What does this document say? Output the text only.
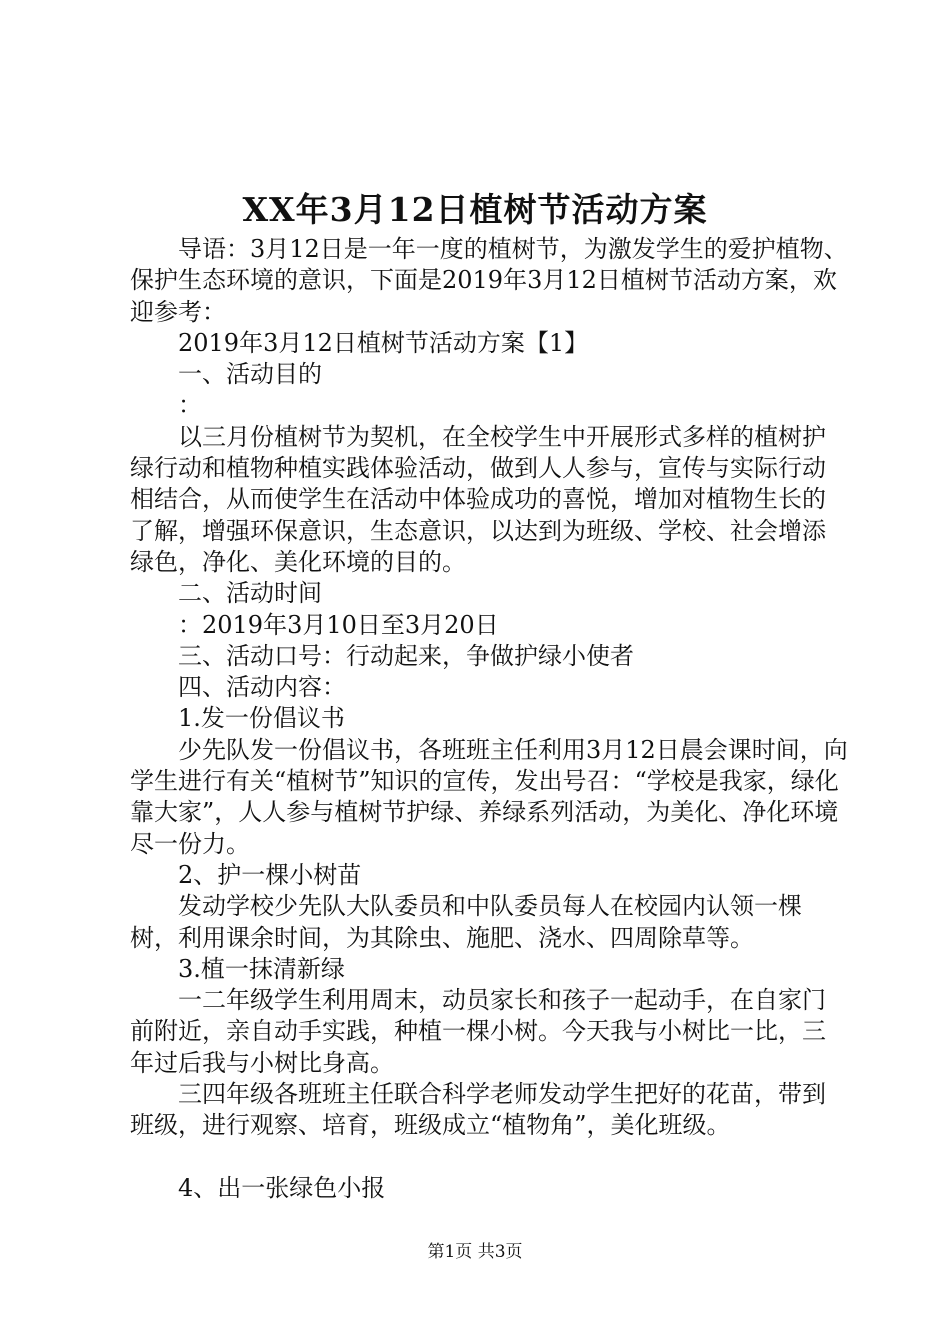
XX年3月12日植树节活动方案

导语：3月12日是一年一度的植树节，为激发学生的爱护植物、保护生态环境的意识，下面是2019年3月12日植树节活动方案，欢迎参考：

2019年3月12日植树节活动方案【1】

一、活动目的

：

以三月份植树节为契机，在全校学生中开展形式多样的植树护绿行动和植物种植实践体验活动，做到人人参与，宣传与实际行动相结合，从而使学生在活动中体验成功的喜悦，增加对植物生长的了解，增强环保意识，生态意识，以达到为班级、学校、社会增添绿色，净化、美化环境的目的。

二、活动时间

：2019年3月10日至3月20日

三、活动口号：行动起来，争做护绿小使者

四、活动内容：

1.发一份倡议书

少先队发一份倡议书，各班班主任利用3月12日晨会课时间，向学生进行有关“植树节”知识的宣传，发出号召：“学校是我家，绿化靠大家”，人人参与植树节护绿、养绿系列活动，为美化、净化环境尽一份力。

2、护一棵小树苗

发动学校少先队大队委员和中队委员每人在校园内认领一棵树，利用课余时间，为其除虫、施肥、浇水、四周除草等。

3.植一抹清新绿

一二年级学生利用周末，动员家长和孩子一起动手，在自家门前附近，亲自动手实践，种植一棵小树。今天我与小树比一比，三年过后我与小树比身高。

三四年级各班班主任联合科学老师发动学生把好的花苗，带到班级，进行观察、培育，班级成立“植物角”，美化班级。

4、出一张绿色小报

第1页 共3页
